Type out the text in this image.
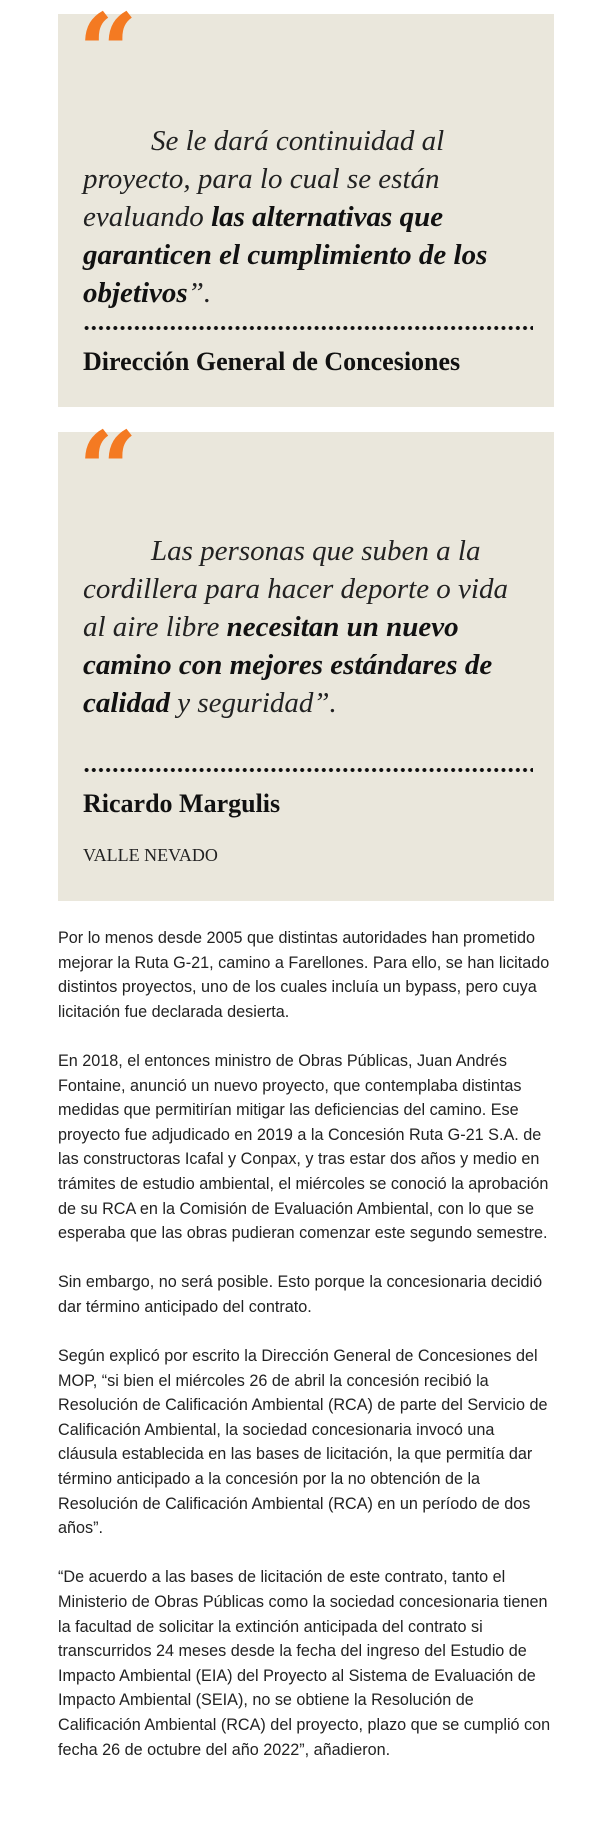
“

Se le dará continuidad al proyecto, para lo cual se están evaluando las alternativas que garanticen el cumplimiento de los objetivos”.

Dirección General de Concesiones
“

Las personas que suben a la cordillera para hacer deporte o vida al aire libre necesitan un nuevo camino con mejores estándares de calidad y seguridad”.

Ricardo Margulis
VALLE NEVADO

Por lo menos desde 2005 que distintas autoridades han prometido mejorar la Ruta G-21, camino a Farellones. Para ello, se han licitado distintos proyectos, uno de los cuales incluía un bypass, pero cuya licitación fue declarada desierta.

En 2018, el entonces ministro de Obras Públicas, Juan Andrés Fontaine, anunció un nuevo proyecto, que contemplaba distintas medidas que permitirían mitigar las deficiencias del camino. Ese proyecto fue adjudicado en 2019 a la Concesión Ruta G-21 S.A. de las constructoras Icafal y Conpax, y tras estar dos años y medio en trámites de estudio ambiental, el miércoles se conoció la aprobación de su RCA en la Comisión de Evaluación Ambiental, con lo que se esperaba que las obras pudieran comenzar este segundo semestre.

Sin embargo, no será posible. Esto porque la concesionaria decidió dar término anticipado del contrato.

Según explicó por escrito la Dirección General de Concesiones del MOP, “si bien el miércoles 26 de abril la concesión recibió la Resolución de Calificación Ambiental (RCA) de parte del Servicio de Calificación Ambiental, la sociedad concesionaria invocó una cláusula establecida en las bases de licitación, la que permitía dar término anticipado a la concesión por la no obtención de la Resolución de Calificación Ambiental (RCA) en un período de dos años”.

“De acuerdo a las bases de licitación de este contrato, tanto el Ministerio de Obras Públicas como la sociedad concesionaria tienen la facultad de solicitar la extinción anticipada del contrato si transcurridos 24 meses desde la fecha del ingreso del Estudio de Impacto Ambiental (EIA) del Proyecto al Sistema de Evaluación de Impacto Ambiental (SEIA), no se obtiene la Resolución de Calificación Ambiental (RCA) del proyecto, plazo que se cumplió con fecha 26 de octubre del año 2022”, añadieron.
